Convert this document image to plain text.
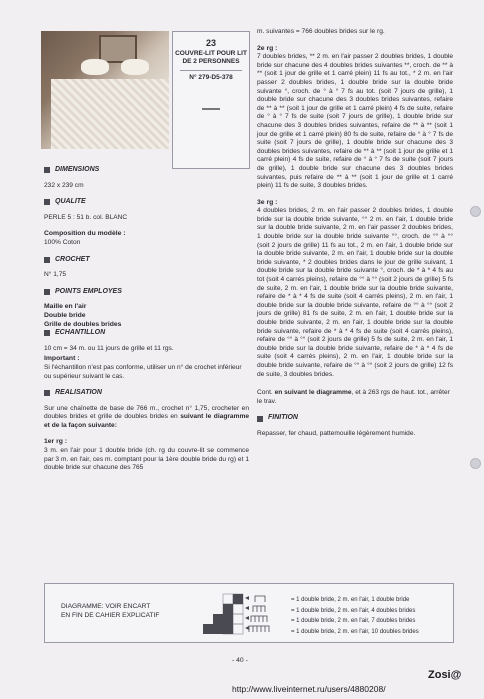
23
COUVRE-LIT POUR LIT DE 2 PERSONNES
N° 279-D5-378
DIMENSIONS
232 x 239 cm
QUALITE
PERLE 5 : 51 b. col. BLANC
Composition du modèle :
100% Coton
CROCHET
N° 1,75
POINTS EMPLOYES
Maille en l'air
Double bride
Grille de doubles brides
ECHANTILLON
10 cm = 34 m. ou 11 jours de grille et 11 rgs.
Important :
Si l'échantillon n'est pas conforme, utiliser un n° de crochet inférieur ou supérieur suivant le cas.
REALISATION
Sur une chaînette de base de 766 m., crochet n° 1,75, crocheter en doubles brides et grille de doubles brides en suivant le diagramme et de la façon suivante:
1er rg :
3 m. en l'air pour 1 double bride (ch. rg du couvre-lit se commence par 3 m. en l'air, ces m. comptant pour la 1ère double bride du rg) et 1 double bride sur chacune des 765
m. suivantes = 766 doubles brides sur le rg.
2e rg :
7 doubles brides, ** 2 m. en l'air passer 2 doubles brides, 1 double bride sur chacune des 4 doubles brides suivantes **, croch. de ** à ** (soit 1 jour de grille et 1 carré plein) 11 fs au tot., * 2 m. en l'air passer 2 doubles brides, 1 double bride sur la double bride suivante °, croch. de ° à ° 7 fs au tot. (soit 7 jours de grille), 1 double bride sur chacune des 3 doubles brides suivantes, refaire de ** à ** (soit 1 jour de grille et 1 carré plein) 4 fs de suite, refaire de ° à ° 7 fs de suite (soit 7 jours de grille), 1 double bride sur chacune des 3 doubles brides suivantes, refaire de ** à ** (soit 1 jour de grille et 1 carré plein) 80 fs de suite, refaire de ° à ° 7 fs de suite (soit 7 jours de grille), 1 double bride sur chacune des 3 doubles brides suivantes, refaire de ** à ** (soit 1 jour de grille et 1 carré plein) 4 fs de suite, refaire de ° à ° 7 fs de suite (soit 7 jours de grille), 1 double bride sur chacune des 3 doubles brides suivantes, puis refaire de ** à ** (soit 1 jour de grille et 1 carré plein) 11 fs de suite, 3 doubles brides.
3e rg :
4 doubles brides, 2 m. en l'air passer 2 doubles brides, 1 double bride sur la double bride suivante, °° 2 m. en l'air, 1 double bride sur la double bride suivante, 2 m. en l'air passer 2 doubles brides, 1 double bride sur la double bride suivante °°, croch. de °° à °° (soit 2 jours de grille) 11 fs au tot., 2 m. en l'air, 1 double bride sur la double bride suivante, 2 m. en l'air, 1 double bride sur la double bride suivante, * 2 doubles brides dans le jour de grille suivant, 1 double bride sur la double bride suivante °, croch. de * à * 4 fs au tot (soit 4 carrés pleins), refaire de °° à °° (soit 2 jours de grille) 5 fs de suite, 2 m. en l'air, 1 double bride sur la double bride suivante, refaire de * à * 4 fs de suite (soit 4 carrés pleins), 2 m. en l'air, 1 double bride sur la double bride suivante, refaire de °° à °° (soit 2 jours de grille) 81 fs de suite, 2 m. en l'air, 1 double bride sur la double bride suivante, 2 m. en l'air, 1 double bride sur la double bride suivante, refaire de * à * 4 fs de suite (soit 4 carrés pleins), refaire de °° à °° (soit 2 jours de grille) 5 fs de suite, 2 m. en l'air, 1 double bride sur la double bride suivante, refaire de * à * 4 fs de suite (soit 4 carrés pleins), 2 m. en l'air, 1 double bride sur la double bride suivante, refaire de °° à °° (soit 2 jours de grille) 12 fs de suite, 3 doubles brides.
Cont. en suivant le diagramme, et à 263 rgs de haut. tot., arrêter le trav.
FINITION
Repasser, fer chaud, pattemouille légèrement humide.
DIAGRAMME: VOIR ENCART
EN FIN DE CAHIER EXPLICATIF
= 1 double bride, 2 m. en l'air, 1 double bride
= 1 double bride, 2 m. en l'air, 4 doubles brides
= 1 double bride, 2 m. en l'air, 7 doubles brides
= 1 double bride, 2 m. en l'air, 10 doubles brides
- 40 -
Zosi@
http://www.liveinternet.ru/users/4880208/
